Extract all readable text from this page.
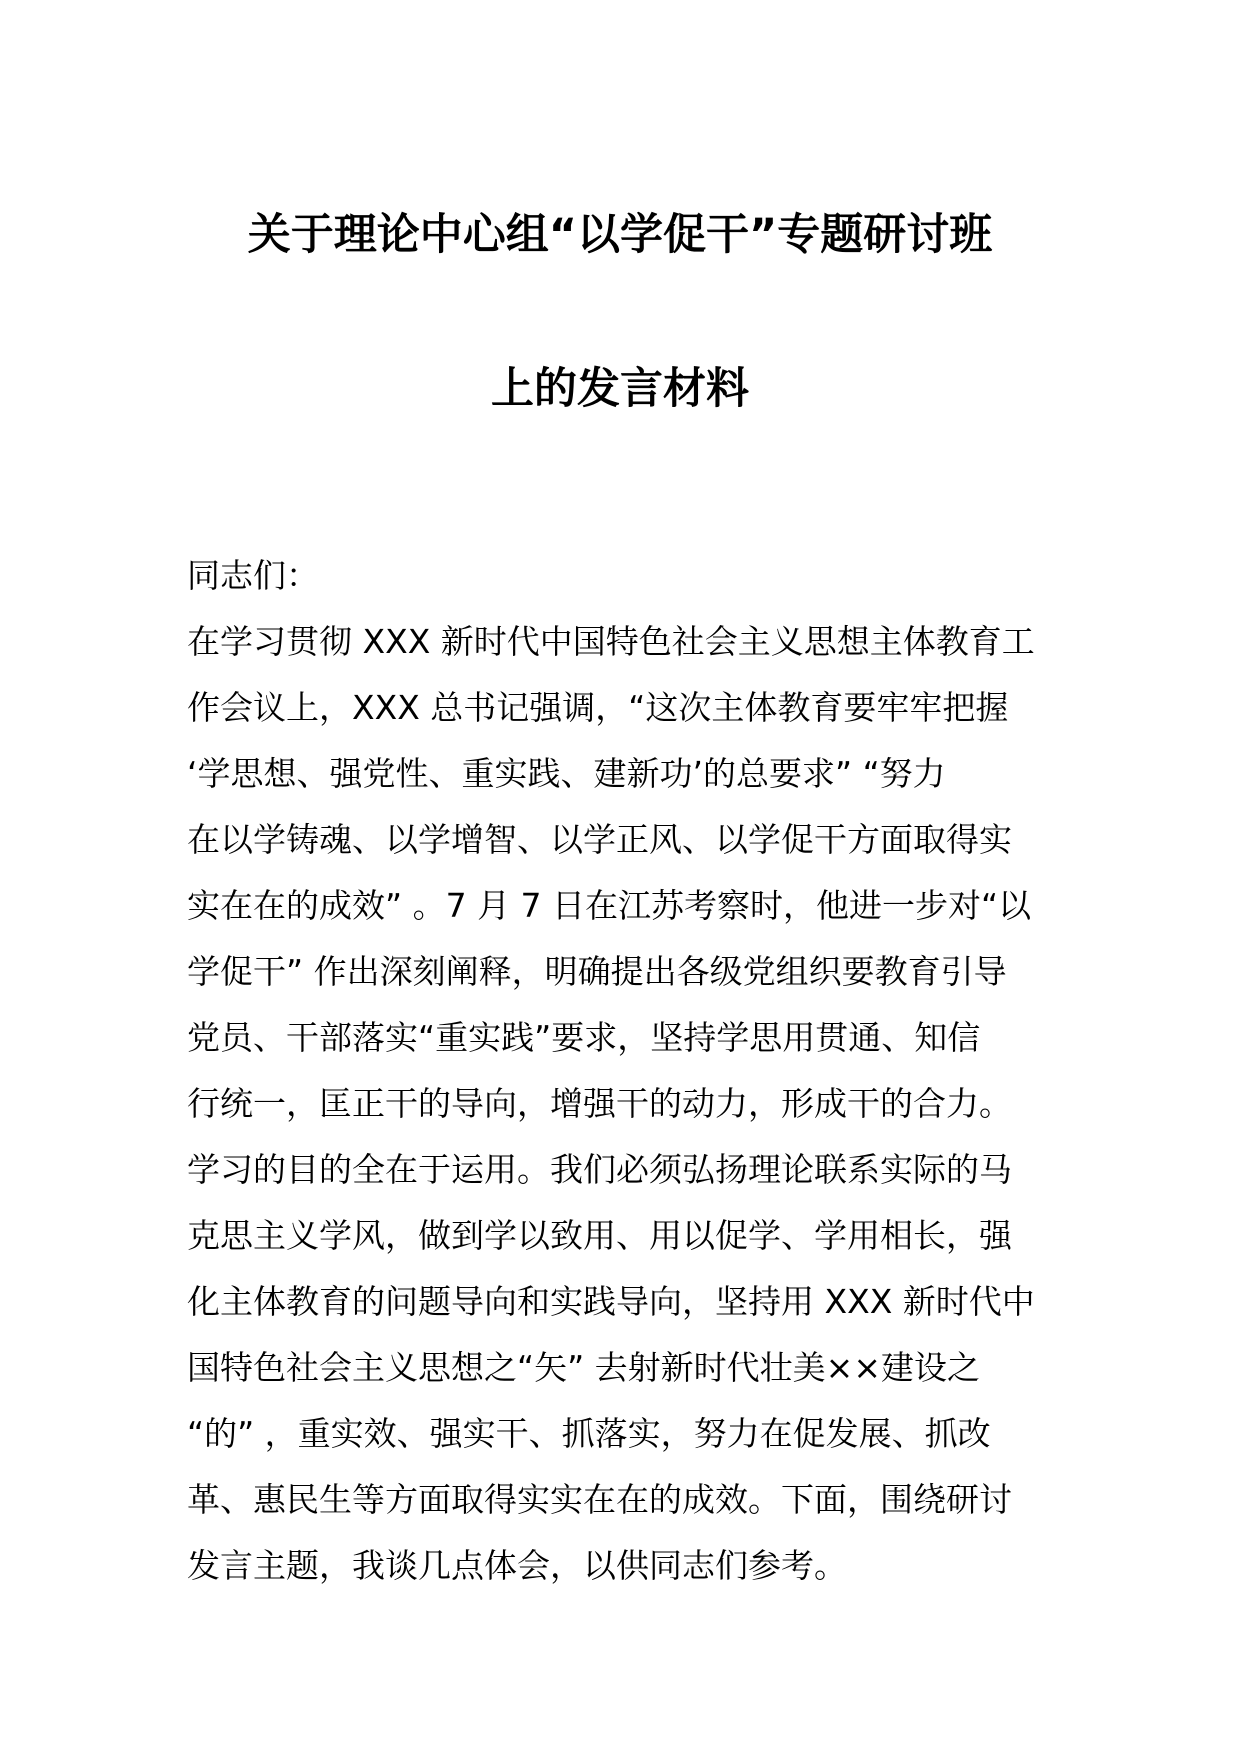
关于理论中心组“以学促干”专题研讨班
上的发言材料
同志们：
在学习贯彻 XXX 新时代中国特色社会主义思想主体教育工
作会议上，XXX 总书记强调，“这次主体教育要牢牢把握
‘学思想、强党性、重实践、建新功’的总要求” “努力
在以学铸魂、以学增智、以学正风、以学促干方面取得实
实在在的成效” 。7 月 7 日在江苏考察时，他进一步对“以
学促干” 作出深刻阐释，明确提出各级党组织要教育引导
党员、干部落实“重实践”要求，坚持学思用贯通、知信
行统一，匡正干的导向，增强干的动力，形成干的合力。
学习的目的全在于运用。我们必须弘扬理论联系实际的马
克思主义学风，做到学以致用、用以促学、学用相长，强
化主体教育的问题导向和实践导向，坚持用 XXX 新时代中
国特色社会主义思想之“矢” 去射新时代壮美××建设之
“的” ，重实效、强实干、抓落实，努力在促发展、抓改
革、惠民生等方面取得实实在在的成效。下面，围绕研讨
发言主题，我谈几点体会，以供同志们参考。
